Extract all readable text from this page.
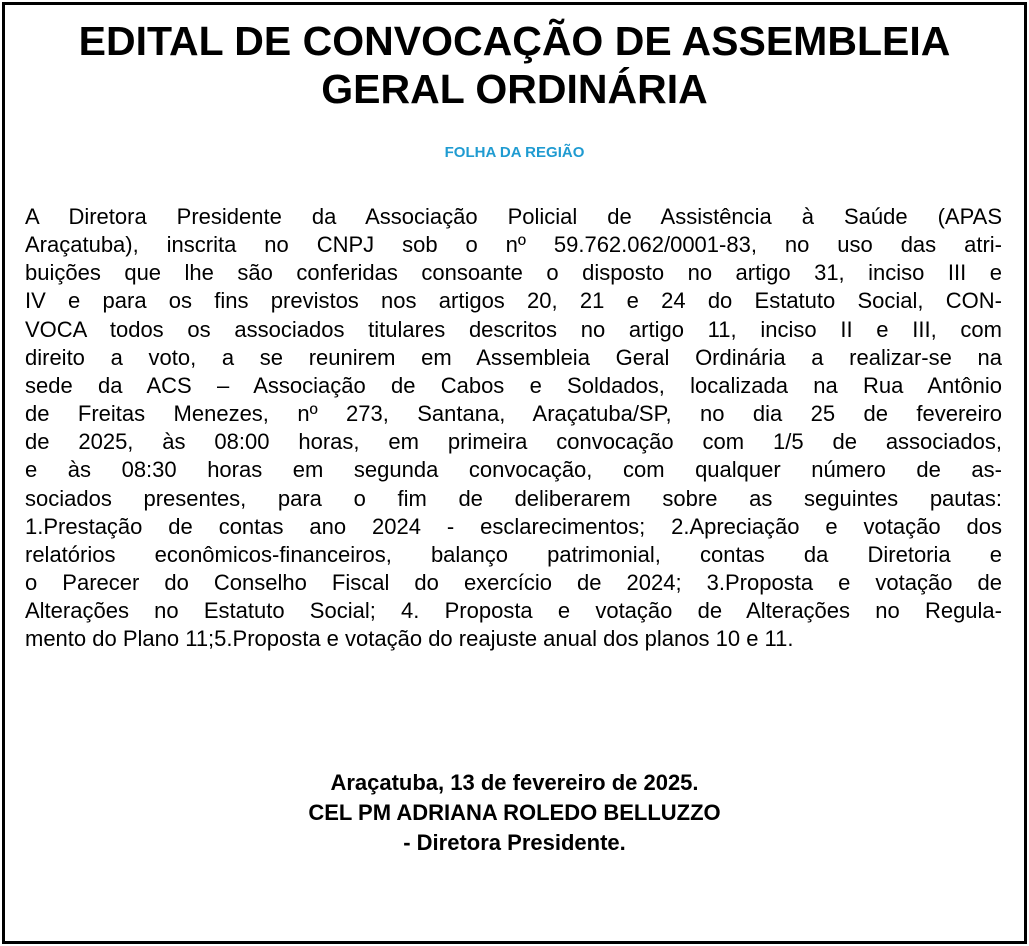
EDITAL DE CONVOCAÇÃO DE ASSEMBLEIA
GERAL ORDINÁRIA
FOLHA DA REGIÃO

A Diretora Presidente da Associação Policial de Assistência à Saúde (APAS
Araçatuba), inscrita no CNPJ sob o nº 59.762.062/0001-83, no uso das atri-
buições que lhe são conferidas consoante o disposto no artigo 31, inciso III e
IV e para os fins previstos nos artigos 20, 21 e 24 do Estatuto Social, CON-
VOCA todos os associados titulares descritos no artigo 11, inciso II e III, com
direito a voto, a se reunirem em Assembleia Geral Ordinária a realizar-se na
sede da ACS – Associação de Cabos e Soldados, localizada na Rua Antônio
de Freitas Menezes, nº 273, Santana, Araçatuba/SP, no dia 25 de fevereiro
de 2025, às 08:00 horas, em primeira convocação com 1/5 de associados,
e às 08:30 horas em segunda convocação, com qualquer número de as-
sociados presentes, para o fim de deliberarem sobre as seguintes pautas:
1.Prestação de contas ano 2024 - esclarecimentos; 2.Apreciação e votação dos
relatórios econômicos-financeiros, balanço patrimonial, contas da Diretoria e
o Parecer do Conselho Fiscal do exercício de 2024; 3.Proposta e votação de
Alterações no Estatuto Social; 4. Proposta e votação de Alterações no Regula-
mento do Plano 11;5.Proposta e votação do reajuste anual dos planos 10 e 11.

Araçatuba, 13 de fevereiro de 2025.
CEL PM ADRIANA ROLEDO BELLUZZO
- Diretora Presidente.
